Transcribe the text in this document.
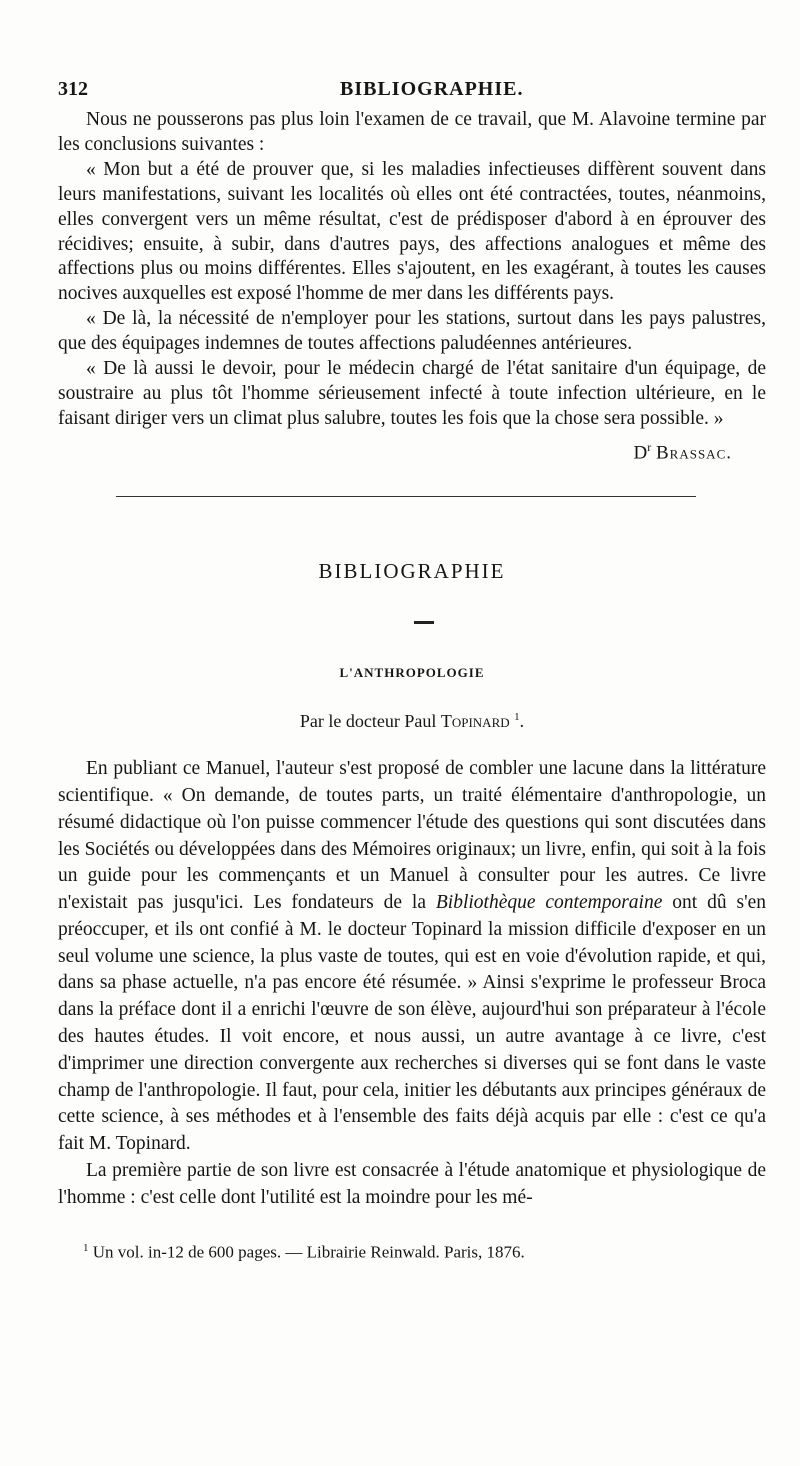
312	BIBLIOGRAPHIE.

Nous ne pousserons pas plus loin l'examen de ce travail, que M. Alavoine termine par les conclusions suivantes :

« Mon but a été de prouver que, si les maladies infectieuses diffèrent souvent dans leurs manifestations, suivant les localités où elles ont été contractées, toutes, néanmoins, elles convergent vers un même résultat, c'est de prédisposer d'abord à en éprouver des récidives; ensuite, à subir, dans d'autres pays, des affections analogues et même des affections plus ou moins différentes. Elles s'ajoutent, en les exagérant, à toutes les causes nocives auxquelles est exposé l'homme de mer dans les différents pays.

« De là, la nécessité de n'employer pour les stations, surtout dans les pays palustres, que des équipages indemnes de toutes affections paludéennes antérieures.

« De là aussi le devoir, pour le médecin chargé de l'état sanitaire d'un équipage, de soustraire au plus tôt l'homme sérieusement infecté à toute infection ultérieure, en le faisant diriger vers un climat plus salubre, toutes les fois que la chose sera possible. »

$D^r$ Brassac.
BIBLIOGRAPHIE
L'ANTHROPOLOGIE
Par le docteur Paul Topinard $^1$.

En publiant ce Manuel, l'auteur s'est proposé de combler une lacune dans la littérature scientifique. « On demande, de toutes parts, un traité élémentaire d'anthropologie, un résumé didactique où l'on puisse commencer l'étude des questions qui sont discutées dans les Sociétés ou développées dans des Mémoires originaux; un livre, enfin, qui soit à la fois un guide pour les commençants et un Manuel à consulter pour les autres. Ce livre n'existait pas jusqu'ici. Les fondateurs de la Bibliothèque contemporaine ont dû s'en préoccuper, et ils ont confié à M. le docteur Topinard la mission difficile d'exposer en un seul volume une science, la plus vaste de toutes, qui est en voie d'évolution rapide, et qui, dans sa phase actuelle, n'a pas encore été résumée. » Ainsi s'exprime le professeur Broca dans la préface dont il a enrichi l'œuvre de son élève, aujourd'hui son préparateur à l'école des hautes études. Il voit encore, et nous aussi, un autre avantage à ce livre, c'est d'imprimer une direction convergente aux recherches si diverses qui se font dans le vaste champ de l'anthropologie. Il faut, pour cela, initier les débutants aux principes généraux de cette science, à ses méthodes et à l'ensemble des faits déjà acquis par elle : c'est ce qu'a fait M. Topinard.

La première partie de son livre est consacrée à l'étude anatomique et physiologique de l'homme : c'est celle dont l'utilité est la moindre pour les mé-

$^1$ Un vol. in-12 de 600 pages. — Librairie Reinwald. Paris, 1876.
